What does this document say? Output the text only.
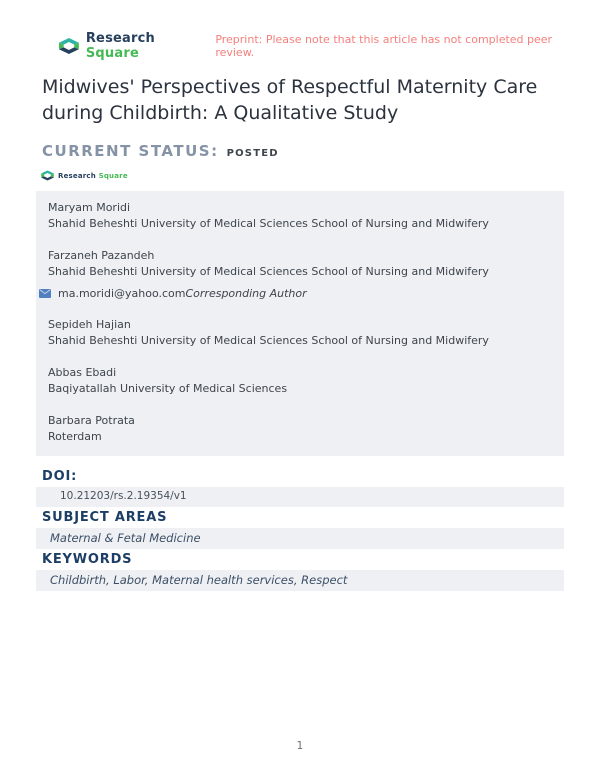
Research Square
Preprint: Please note that this article has not completed peer review.
Midwives' Perspectives of Respectful Maternity Care during Childbirth: A Qualitative Study
CURRENT STATUS: POSTED
Research Square
Maryam Moridi
Shahid Beheshti University of Medical Sciences School of Nursing and Midwifery
Farzaneh Pazandeh
Shahid Beheshti University of Medical Sciences School of Nursing and Midwifery
ma.moridi@yahoo.com Corresponding Author
Sepideh Hajian
Shahid Beheshti University of Medical Sciences School of Nursing and Midwifery
Abbas Ebadi
Baqiyatallah University of Medical Sciences
Barbara Potrata
Roterdam
DOI:
10.21203/rs.2.19354/v1
SUBJECT AREAS
Maternal & Fetal Medicine
KEYWORDS
Childbirth, Labor, Maternal health services, Respect
1
